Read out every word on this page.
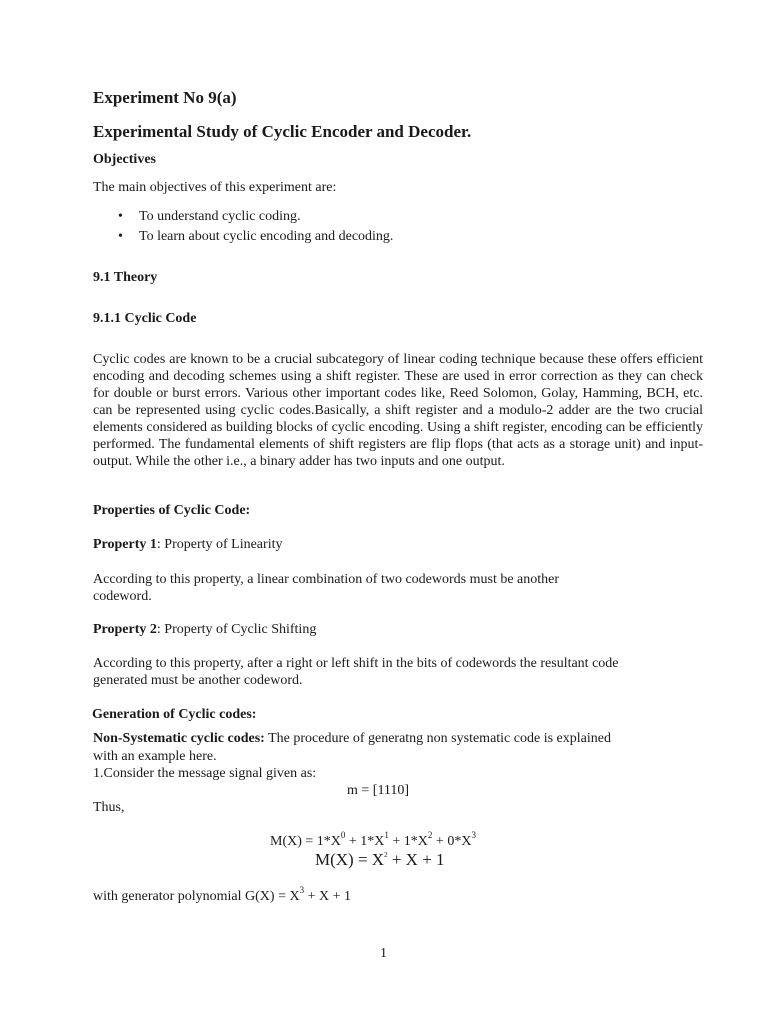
Experiment No 9(a)
Experimental Study of Cyclic Encoder and Decoder.
Objectives

The main objectives of this experiment are:

• To understand cyclic coding.
• To learn about cyclic encoding and decoding.
9.1 Theory
9.1.1 Cyclic Code

Cyclic codes are known to be a crucial subcategory of linear coding technique because these offers efficient encoding and decoding schemes using a shift register. These are used in error correction as they can check for double or burst errors. Various other important codes like, Reed Solomon, Golay, Hamming, BCH, etc. can be represented using cyclic codes.Basically, a shift register and a modulo-2 adder are the two crucial elements considered as building blocks of cyclic encoding. Using a shift register, encoding can be efficiently performed. The fundamental elements of shift registers are flip flops (that acts as a storage unit) and input-output. While the other i.e., a binary adder has two inputs and one output.

Properties of Cyclic Code:

Property 1: Property of Linearity

According to this property, a linear combination of two codewords must be another

codeword.

Property 2: Property of Cyclic Shifting

According to this property, after a right or left shift in the bits of codewords the resultant code

generated must be another codeword.

Generation of Cyclic codes:

Non-Systematic cyclic codes: The procedure of generatng non systematic code is explained

with an example here.

1.Consider the message signal given as:

m = [1110]

Thus,

$M(X) = 1*X^0 + 1*X^1 + 1*X^2 + 0*X^3$

$M(X) = X^2 + X + 1$

with generator polynomial $G(X) = X^3 + X + 1$

1
